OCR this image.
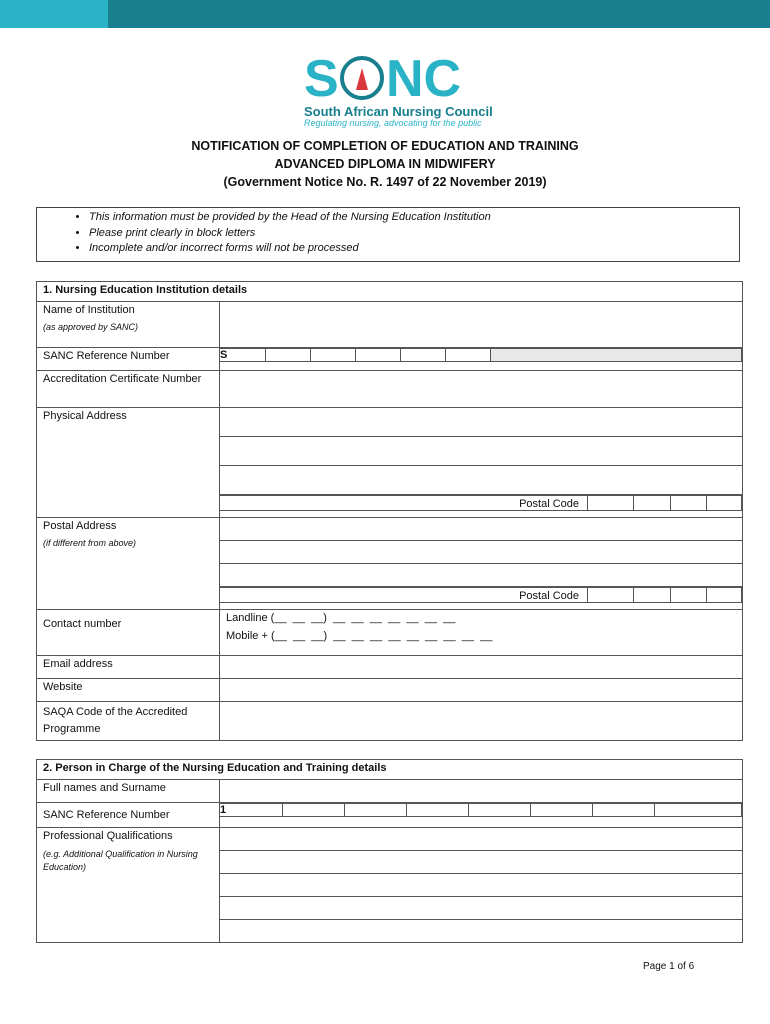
S NC
South African Nursing Council
Regulating nursing, advocating for the public
NOTIFICATION OF COMPLETION OF EDUCATION AND TRAINING
ADVANCED DIPLOMA IN MIDWIFERY
(Government Notice No. R. 1497 of 22 November 2019)
• This information must be provided by the Head of the Nursing Education Institution
• Please print clearly in block letters
• Incomplete and/or incorrect forms will not be processed
1. Nursing Education Institution details
Name of Institution
(as approved by SANC)

SANC Reference Number		S						

Accreditation Certificate Number	
Physical Address	

Postal Code				

Postal Address
(if different from above)

Postal Code				

Contact number	Landline (__  __  __)  __  __  __  __  __  __  __
Mobile + (__  __  __)  __  __  __  __  __  __  __  __  __

Email address	
Website	
SAQA Code of the Accredited Programme	
2. Person in Charge of the Nursing Education and Training details
Full names and Surname	
SANC Reference Number		1							

Professional Qualifications
(e.g. Additional Qualification in Nursing Education)

Page 1 of 6
